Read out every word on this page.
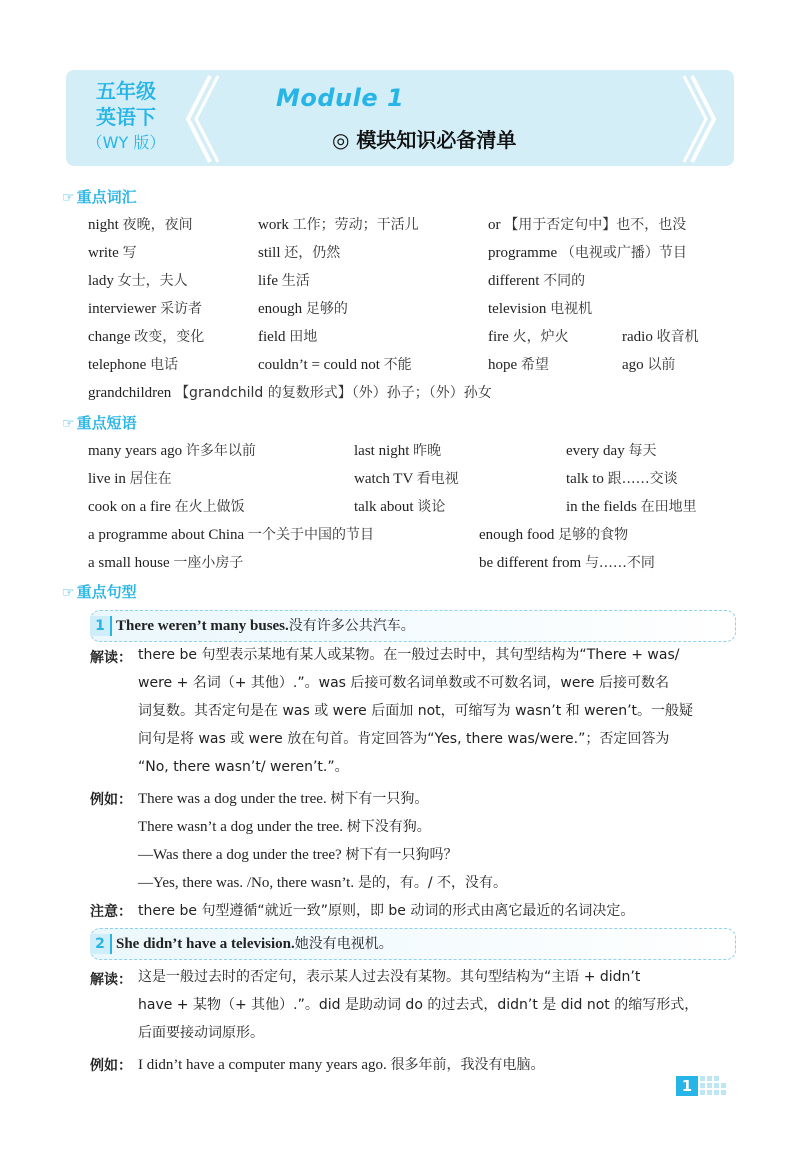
五年级
英语下
（WY 版）
Module 1
◎ 模块知识必备清单
☞ 重点词汇
night 夜晚，夜间	work 工作；劳动；干活儿	or 【用于否定句中】也不，也没
write 写	still 还，仍然	programme （电视或广播）节目
lady 女士，夫人	life 生活	different 不同的
interviewer 采访者	enough 足够的	television 电视机
change 改变，变化	field 田地	fire 火，炉火	radio 收音机
telephone 电话	couldn’t = could not 不能	hope 希望	ago 以前
grandchildren 【grandchild 的复数形式】（外）孙子；（外）孙女
☞ 重点短语
many years ago 许多年以前	last night 昨晚	every day 每天
live in 居住在	watch TV 看电视	talk to 跟……交谈
cook on a fire 在火上做饭	talk about 谈论	in the fields 在田地里
a programme about China 一个关于中国的节目	enough food 足够的食物
a small house 一座小房子	be different from 与……不同
☞ 重点句型
1 There weren’t many buses.没有许多公共汽车。
解读： there be 句型表示某地有某人或某物。在一般过去时中，其句型结构为“There + was/
were + 名词（+ 其他）.”。was 后接可数名词单数或不可数名词，were 后接可数名
词复数。其否定句是在 was 或 were 后面加 not，可缩写为 wasn’t 和 weren’t。一般疑
问句是将 was 或 were 放在句首。肯定回答为“Yes, there was/were.”；否定回答为
“No, there wasn’t/ weren’t.”。
例如： There was a dog under the tree. 树下有一只狗。
There wasn’t a dog under the tree. 树下没有狗。
—Was there a dog under the tree? 树下有一只狗吗？
—Yes, there was. /No, there wasn’t. 是的，有。/ 不，没有。
注意： there be 句型遵循“就近一致”原则，即 be 动词的形式由离它最近的名词决定。
2 She didn’t have a television.她没有电视机。
解读： 这是一般过去时的否定句，表示某人过去没有某物。其句型结构为“主语 + didn’t
have + 某物（+ 其他）.”。did 是助动词 do 的过去式，didn’t 是 did not 的缩写形式，
后面要接动词原形。
例如： I didn’t have a computer many years ago. 很多年前，我没有电脑。
1
